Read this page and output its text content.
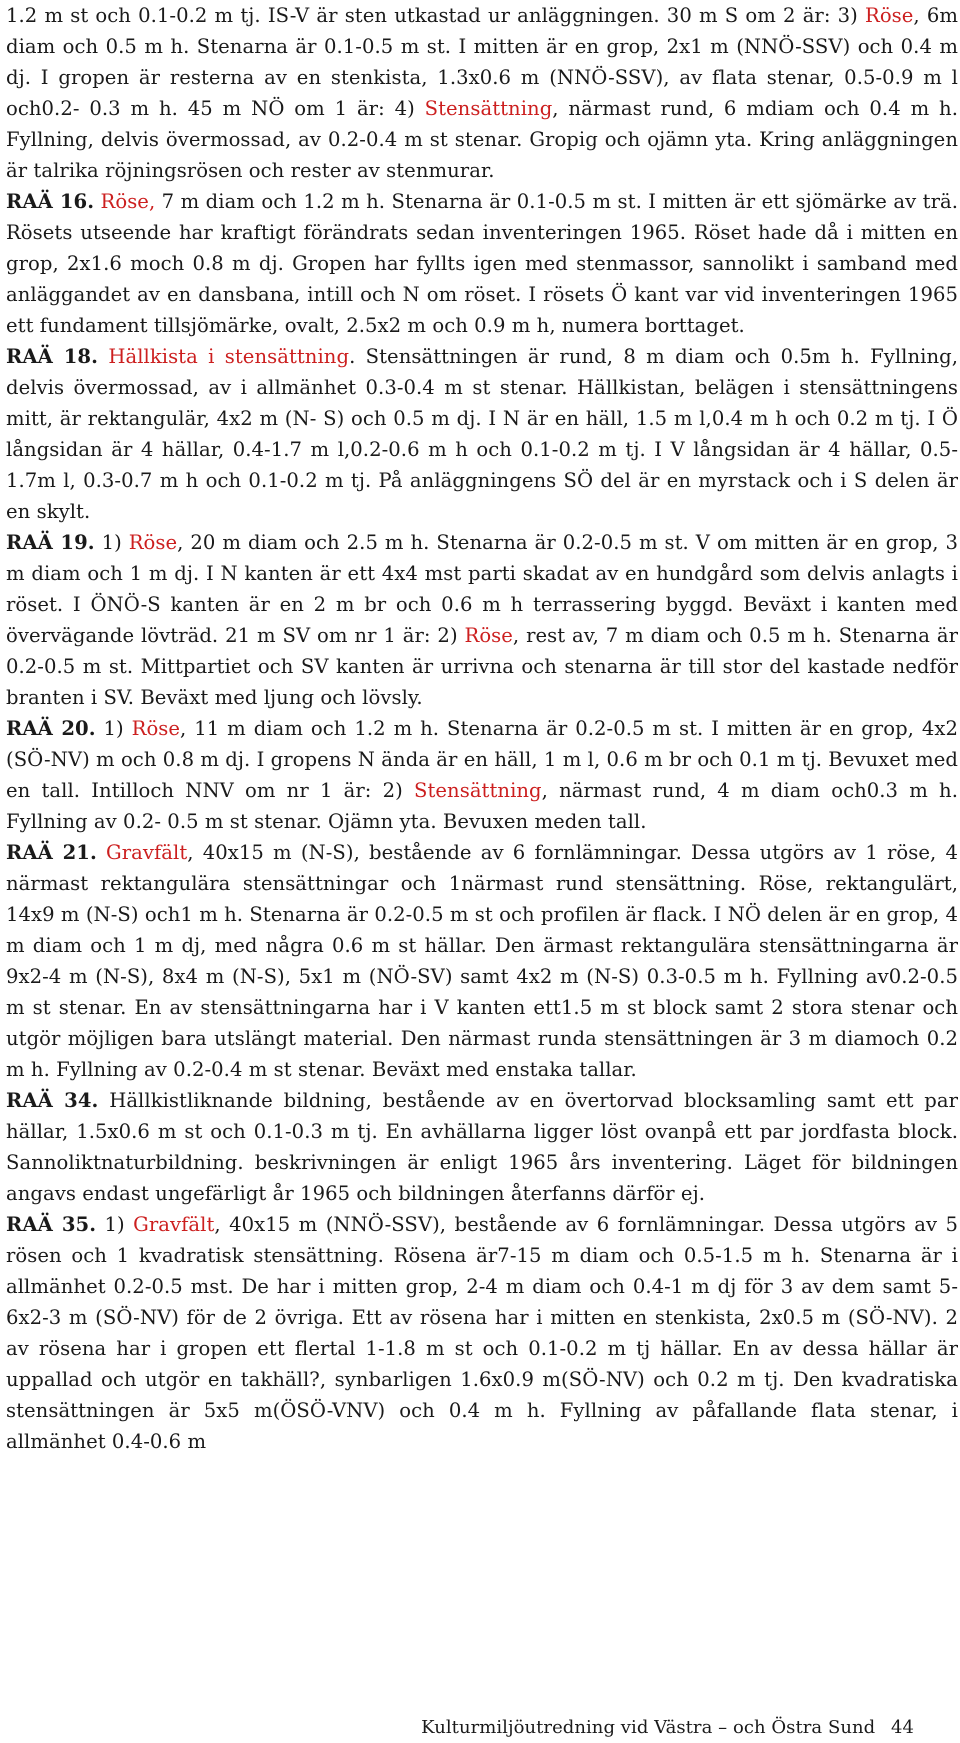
1.2 m st och 0.1-0.2 m tj. IS-V är sten utkastad ur anläggningen. 30 m S om 2 är: 3) Röse, 6m diam och 0.5 m h. Stenarna är 0.1-0.5 m st. I mitten är en grop, 2x1 m (NNÖ-SSV) och 0.4 m dj. I gropen är resterna av en stenkista, 1.3x0.6 m (NNÖ-SSV), av flata stenar, 0.5-0.9 m l och0.2- 0.3 m h. 45 m NÖ om 1 är: 4) Stensättning, närmast rund, 6 mdiam och 0.4 m h. Fyllning, delvis övermossad, av 0.2-0.4 m st stenar. Gropig och ojämn yta. Kring anläggningen är talrika röjningsrösen och rester av stenmurar.

RAÄ 16. Röse, 7 m diam och 1.2 m h. Stenarna är 0.1-0.5 m st. I mitten är ett sjömärke av trä. Rösets utseende har kraftigt förändrats sedan inventeringen 1965. Röset hade då i mitten en grop, 2x1.6 moch 0.8 m dj. Gropen har fyllts igen med stenmassor, sannolikt i samband med anläggandet av en dansbana, intill och N om röset. I rösets Ö kant var vid inventeringen 1965 ett fundament tillsjömärke, ovalt, 2.5x2 m och 0.9 m h, numera borttaget.

RAÄ 18. Hällkista i stensättning. Stensättningen är rund, 8 m diam och 0.5m h. Fyllning, delvis övermossad, av i allmänhet 0.3-0.4 m st stenar. Hällkistan, belägen i stensättningens mitt, är rektangulär, 4x2 m (N- S) och 0.5 m dj. I N är en häll, 1.5 m l,0.4 m h och 0.2 m tj. I Ö långsidan är 4 hällar, 0.4-1.7 m l,0.2-0.6 m h och 0.1-0.2 m tj. I V långsidan är 4 hällar, 0.5-1.7m l, 0.3-0.7 m h och 0.1-0.2 m tj. På anläggningens SÖ del är en myrstack och i S delen är en skylt.

RAÄ 19. 1) Röse, 20 m diam och 2.5 m h. Stenarna är 0.2-0.5 m st. V om mitten är en grop, 3 m diam och 1 m dj. I N kanten är ett 4x4 mst parti skadat av en hundgård som delvis anlagts i röset. I ÖNÖ-S kanten är en 2 m br och 0.6 m h terrassering byggd. Beväxt i kanten med övervägande lövträd. 21 m SV om nr 1 är: 2) Röse, rest av, 7 m diam och 0.5 m h. Stenarna är 0.2-0.5 m st. Mittpartiet och SV kanten är urrivna och stenarna är till stor del kastade nedför branten i SV. Beväxt med ljung och lövsly.

RAÄ 20. 1) Röse, 11 m diam och 1.2 m h. Stenarna är 0.2-0.5 m st. I mitten är en grop, 4x2 (SÖ-NV) m och 0.8 m dj. I gropens N ända är en häll, 1 m l, 0.6 m br och 0.1 m tj. Bevuxet med en tall. Intilloch NNV om nr 1 är: 2) Stensättning, närmast rund, 4 m diam och0.3 m h. Fyllning av 0.2- 0.5 m st stenar. Ojämn yta. Bevuxen meden tall.

RAÄ 21. Gravfält, 40x15 m (N-S), bestående av 6 fornlämningar. Dessa utgörs av 1 röse, 4 närmast rektangulära stensättningar och 1närmast rund stensättning. Röse, rektangulärt, 14x9 m (N-S) och1 m h. Stenarna är 0.2-0.5 m st och profilen är flack. I NÖ delen är en grop, 4 m diam och 1 m dj, med några 0.6 m st hällar. Den ärmast rektangulära stensättningarna är 9x2-4 m (N-S), 8x4 m (N-S), 5x1 m (NÖ-SV) samt 4x2 m (N-S) 0.3-0.5 m h. Fyllning av0.2-0.5 m st stenar. En av stensättningarna har i V kanten ett1.5 m st block samt 2 stora stenar och utgör möjligen bara utslängt material. Den närmast runda stensättningen är 3 m diamoch 0.2 m h. Fyllning av 0.2-0.4 m st stenar. Beväxt med enstaka tallar.

RAÄ 34. Hällkistliknande bildning, bestående av en övertorvad blocksamling samt ett par hällar, 1.5x0.6 m st och 0.1-0.3 m tj. En avhällarna ligger löst ovanpå ett par jordfasta block. Sannoliktnaturbildning. beskrivningen är enligt 1965 års inventering. Läget för bildningen angavs endast ungefärligt år 1965 och bildningen återfanns därför ej.

RAÄ 35. 1) Gravfält, 40x15 m (NNÖ-SSV), bestående av 6 fornlämningar. Dessa utgörs av 5 rösen och 1 kvadratisk stensättning. Rösena är7-15 m diam och 0.5-1.5 m h. Stenarna är i allmänhet 0.2-0.5 mst. De har i mitten grop, 2-4 m diam och 0.4-1 m dj för 3 av dem samt 5-6x2-3 m (SÖ-NV) för de 2 övriga. Ett av rösena har i mitten en stenkista, 2x0.5 m (SÖ-NV). 2 av rösena har i gropen ett flertal 1-1.8 m st och 0.1-0.2 m tj hällar. En av dessa hällar är uppallad och utgör en takhäll?, synbarligen 1.6x0.9 m(SÖ-NV) och 0.2 m tj. Den kvadratiska stensättningen är 5x5 m(ÖSÖ-VNV) och 0.4 m h. Fyllning av påfallande flata stenar, i allmänhet 0.4-0.6 m

Kulturmiljöutredning vid Västra – och Östra Sund 44
